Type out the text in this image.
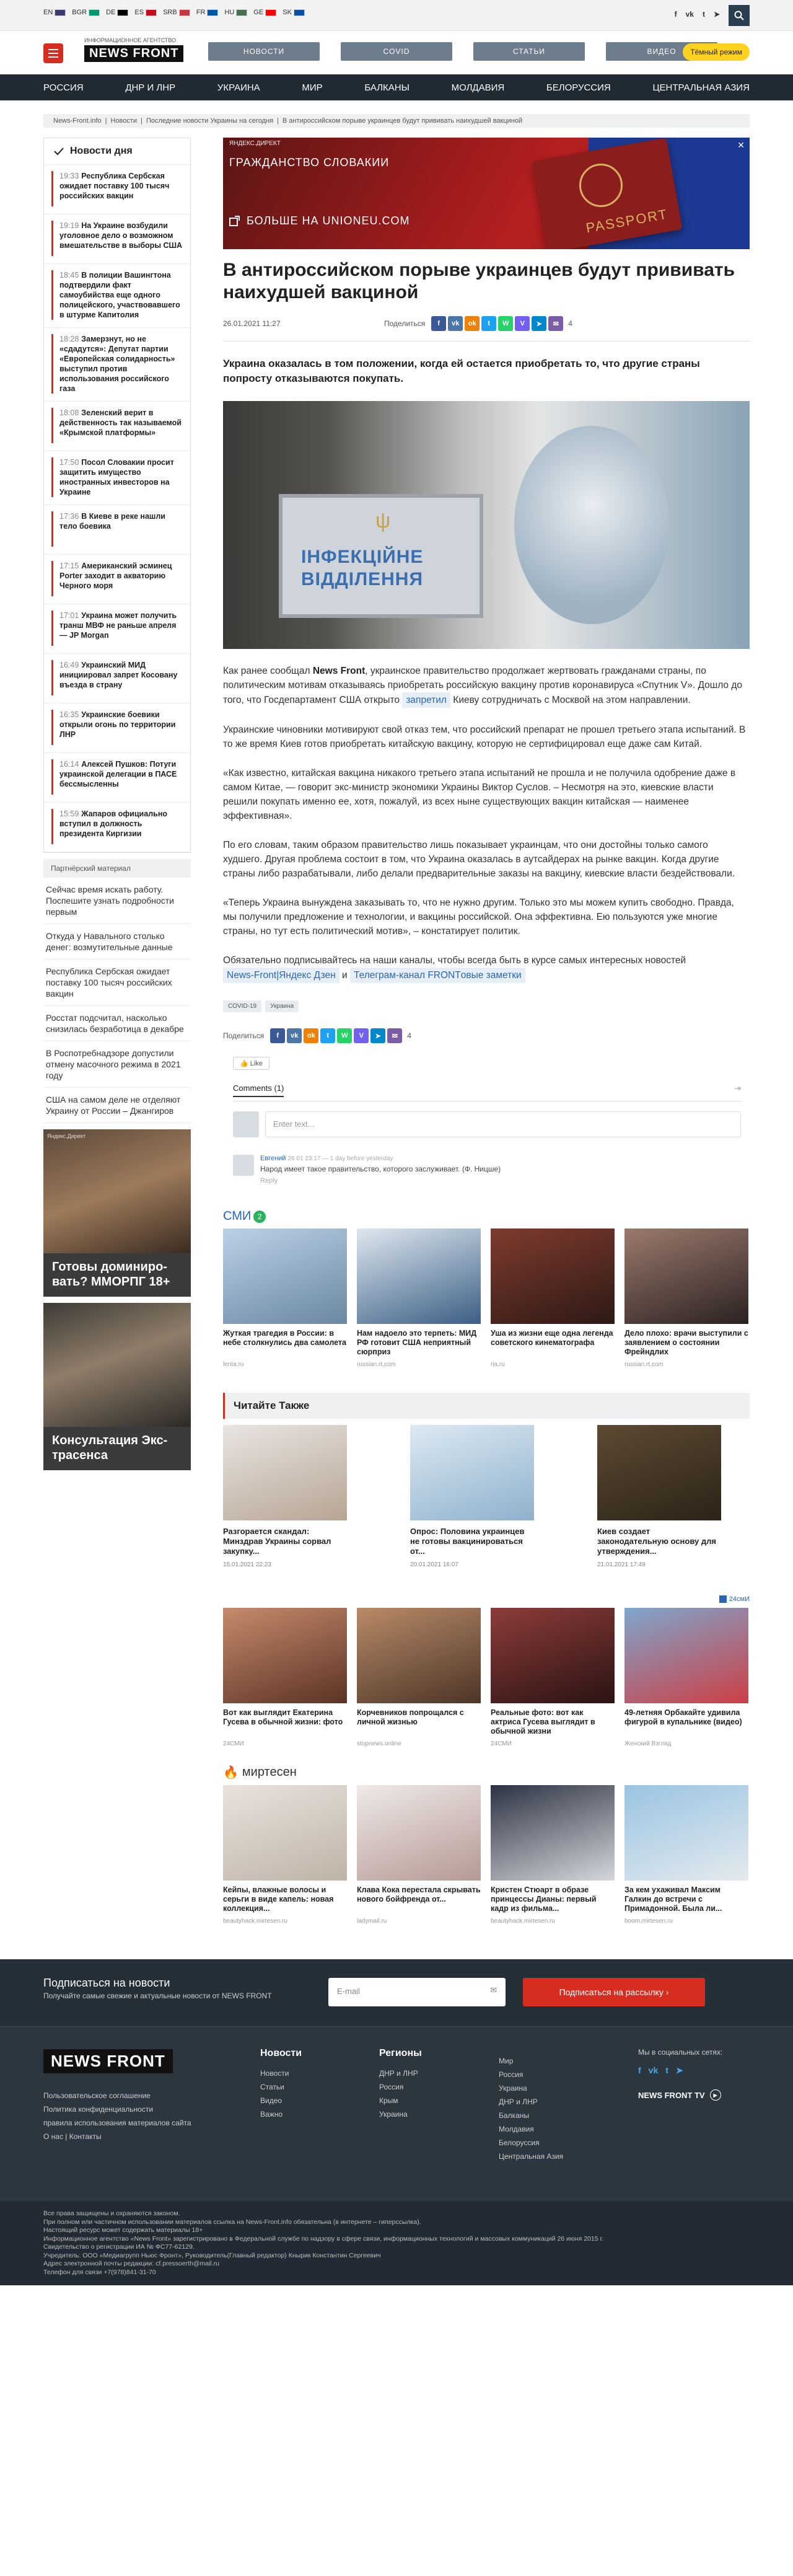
EN	BGR	DE	ES	SRB	FR	HU	GE	SK	f vk t ➤
ИНФОРМАЦИОННОЕ АГЕНТСТВО
NEWS FRONT	НОВОСТИ	COVID	СТАТЬИ	ВИДЕО	Тёмный режим
РОССИЯ	ДНР И ЛНР	УКРАИНА	МИР	БАЛКАНЫ	МОЛДАВИЯ	БЕЛОРУССИЯ	ЦЕНТРАЛЬНАЯ АЗИЯ
News-Front.info | Новости | Последние новости Украины на сегодня | В антироссийском порыве украинцев будут прививать наихудшей вакциной
Новости дня
19:33 Республика Сербская ожидает поставку 100 тысяч российских вакцин
19:19 На Украине возбудили уголовное дело о возможном вмешательстве в выборы США
18:45 В полиции Вашингтона подтвердили факт самоубийства еще одного полицейского, участвовавшего в штурме Капитолия
18:28 Замерзнут, но не «сдадутся»: Депутат партии «Европейская солидарность» выступил против использования российского газа
18:08 Зеленский верит в действенность так называемой «Крымской платформы»
17:50 Посол Словакии просит защитить имущество иностранных инвесторов на Украине
17:36 В Киеве в реке нашли тело боевика
17:15 Американский эсминец Porter заходит в акваторию Черного моря
17:01 Украина может получить транш МВФ не раньше апреля — JP Morgan
16:49 Украинский МИД инициировал запрет Косовану въезда в страну
16:35 Украинские боевики открыли огонь по территории ЛНР
16:14 Алексей Пушков: Потуги украинской делегации в ПАСЕ бессмысленны
15:59 Жапаров официально вступил в должность президента Киргизии
Партнёрский материал
Сейчас время искать работу. Поспешите узнать подробности первым
Откуда у Навального столько денег: возмутительные данные
Республика Сербская ожидает поставку 100 тысяч российских вакцин
Росстат подсчитал, насколько снизилась безработица в декабре
В Роспотребнадзоре допустили отмену масочного режима в 2021 году
США на самом деле не отделяют Украину от России – Джангиров
Яндекс.Директ
Готовы доминиро-вать? ММОРПГ 18+
Консультация Экс-трасенса
PASSPORT
ЯНДЕКС.ДИРЕКТ
ГРАЖДАНСТВО СЛОВАКИИ
БОЛЬШЕ НА UNIONEU.COM
✕
В антироссийском порыве украинцев будут прививать наихудшей вакциной
26.01.2021 11:27	Поделиться	f	vk	ok	t	W	V	➤	✉	4
Украина оказалась в том положении, когда ей остается приобретать то, что другие страны попросту отказываются покупать.
ψ
ІНФЕКЦІЙНЕ ВІДДІЛЕННЯ

Как ранее сообщал News Front, украинское правительство продолжает жертвовать гражданами страны, по политическим мотивам отказываясь приобретать российскую вакцину против коронавируса «Спутник V». Дошло до того, что Госдепартамент США открыто запретил Киеву сотрудничать с Москвой на этом направлении.

Украинские чиновники мотивируют свой отказ тем, что российский препарат не прошел третьего этапа испытаний. В то же время Киев готов приобретать китайскую вакцину, которую не сертифицировал еще даже сам Китай.

«Как известно, китайская вакцина никакого третьего этапа испытаний не прошла и не получила одобрение даже в самом Китае, — говорит экс-министр экономики Украины Виктор Суслов. – Несмотря на это, киевские власти решили покупать именно ее, хотя, пожалуй, из всех ныне существующих вакцин китайская — наименее эффективная».

По его словам, таким образом правительство лишь показывает украинцам, что они достойны только самого худшего. Другая проблема состоит в том, что Украина оказалась в аутсайдерах на рынке вакцин. Когда другие страны либо разрабатывали, либо делали предварительные заказы на вакцину, киевские власти бездействовали.

«Теперь Украина вынуждена заказывать то, что не нужно другим. Только это мы можем купить свободно. Правда, мы получили предложение и технологии, и вакцины российской. Она эффективна. Ею пользуются уже многие страны, но тут есть политический мотив», – констатирует политик.

Обязательно подписывайтесь на наши каналы, чтобы всегда быть в курсе самых интересных новостей News-Front|Яндекс Дзен и Телеграм-канал FRONTовые заметки

COVID-19	Украина
Поделиться	f	vk	ok	t	W	V	➤	✉	4
👍 Like
Comments (1)	⇥
Enter text...
Евгений 26 01 23:17 — 1 day before yesterday
Народ имеет такое правительство, которого заслуживает. (Ф. Ницше)
Reply
СМИ 2
Жуткая трагедия в России: в небе столкнулись два самолета
lenta.ru
Нам надоело это терпеть: МИД РФ готовит США неприятный сюрприз
russian.rt.com
Уша из жизни еще одна легенда советского кинематографа
ria.ru
Дело плохо: врачи выступили с заявлением о состоянии Фрейндлих
russian.rt.com
Читайте Также
Разгорается скандал: Минздрав Украины сорвал закупку...
15.01.2021 22:23
Опрос: Половина украинцев не готовы вакцинироваться от...
20.01.2021 16:07
Киев создает законодательную основу для утверждения...
21.01.2021 17:49
24смИ
Вот как выглядит Екатерина Гусева в обычной жизни: фото
24СМИ
Корчевников попрощался с личной жизнью
stopnews.online
Реальные фото: вот как актриса Гусева выглядит в обычной жизни
24СМИ
49-летняя Орбакайте удивила фигурой в купальнике (видео)
Женский Взгляд
🔥 миртесен
Кейпы, влажные волосы и серьги в виде капель: новая коллекция...
beautyhack.mirtesen.ru
Клава Кока перестала скрывать нового бойфренда от...
ladymail.ru
Кристен Стюарт в образе принцессы Дианы: первый кадр из фильма...
beautyhack.mirtesen.ru
За кем ухаживал Максим Галкин до встречи с Примадонной. Была ли...
boom.mirtesen.ru
Подписаться на новости
Получайте самые свежие и актуальные новости от NEWS FRONT	E-mail	✉	Подписаться на рассылку ›
NEWS FRONT
Пользовательское соглашение
Политика конфиденциальности
правила использования материалов сайта
О нас | Контакты
Новости
Новости
Статьи
Видео
Важно
Регионы
ДНР и ЛНР
Россия
Крым
Украина
Мир
Россия
Украина
ДНР и ЛНР
Балканы
Молдавия
Белоруссия
Центральная Азия
Мы в социальных сетях:
f vk t ➤
NEWS FRONT TV	▶
Все права защищены и охраняются законом.
При полном или частичном использовании материалов ссылка на News-Front.info обязательна (в интернете – гиперссылка).
Настоящий ресурс может содержать материалы 18+
Информационное агентство «News Front» зарегистрировано в Федеральной службе по надзору в сфере связи, информационных технологий и массовых коммуникаций 26 июня 2015 г.
Свидетельство о регистрации ИА № ФС77-62129.
Учредитель: ООО «Медиагрупп Ньюс Фронт», Руководитель(Главный редактор) Кнырик Константин Сергеевич
Адрес электронной почты редакции: cf.pressoerth@mail.ru
Телефон для связи +7(978)841-31-70
